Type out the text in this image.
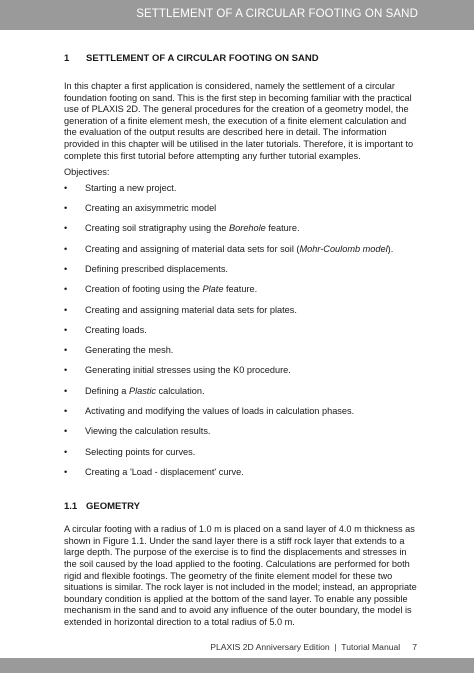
SETTLEMENT OF A CIRCULAR FOOTING ON SAND
1	SETTLEMENT OF A CIRCULAR FOOTING ON SAND

In this chapter a first application is considered, namely the settlement of a circular foundation footing on sand. This is the first step in becoming familiar with the practical use of PLAXIS 2D. The general procedures for the creation of a geometry model, the generation of a finite element mesh, the execution of a finite element calculation and the evaluation of the output results are described here in detail. The information provided in this chapter will be utilised in the later tutorials. Therefore, it is important to complete this first tutorial before attempting any further tutorial examples.

Objectives:

• Starting a new project.
• Creating an axisymmetric model
• Creating soil stratigraphy using the Borehole feature.
• Creating and assigning of material data sets for soil (Mohr-Coulomb model).
• Defining prescribed displacements.
• Creation of footing using the Plate feature.
• Creating and assigning material data sets for plates.
• Creating loads.
• Generating the mesh.
• Generating initial stresses using the K0 procedure.
• Defining a Plastic calculation.
• Activating and modifying the values of loads in calculation phases.
• Viewing the calculation results.
• Selecting points for curves.
• Creating a 'Load - displacement' curve.
1.1 GEOMETRY

A circular footing with a radius of 1.0 m is placed on a sand layer of 4.0 m thickness as shown in Figure 1.1. Under the sand layer there is a stiff rock layer that extends to a large depth. The purpose of the exercise is to find the displacements and stresses in the soil caused by the load applied to the footing. Calculations are performed for both rigid and flexible footings. The geometry of the finite element model for these two situations is similar. The rock layer is not included in the model; instead, an appropriate boundary condition is applied at the bottom of the sand layer. To enable any possible mechanism in the sand and to avoid any influence of the outer boundary, the model is extended in horizontal direction to a total radius of 5.0 m.

PLAXIS 2D Anniversary Edition  |  Tutorial Manual 7
